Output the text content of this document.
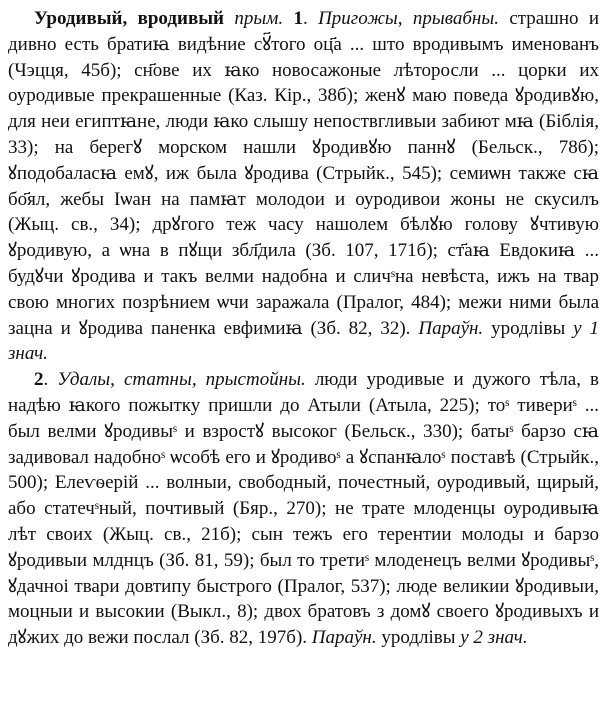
Уродивый, вродивый прым. 1. Пригожы, прывабны. страшно и дивно есть братиꙗ видѣние сꙋ҃того оц҃а ... што вродивымъ именованъ (Чэцця, 45б); сн҃ове их ꙗко новосажоные лѣторосли ... цорки их оуродивые прекрашенные (Каз. Кір., 38б); женꙋ маю поведа ꙋродивꙋю, для неи египтꙗне, люди ꙗко слышу непоствгливыи забиют мꙗ (Біблія, 33); на берегꙋ морском нашли ꙋродивꙋю паннꙋ (Бельск., 78б); ꙋподобаласꙗ емꙋ, иж была ꙋродива (Стрыйк., 545); семиѡн также сꙗ бо҃ял, жебы Іѡан на памꙗт молодои и оуродивои жоны не скусилъ (Жыц. св., 34); дрꙋгого теж часу нашолем бѣлꙋю голову ꙋчтивую ꙋродивую, а ѡна в пꙋщи збл҃дила (Зб. 107, 171б); ст҃аꙗ Евдокиꙗ ... будꙋчи ꙋродива и такъ велми надобна и сличˢна невѣста, ижъ на твар свою многих позрѣнием ѡчи заражала (Пралог, 484); межи ними была зацна и ꙋродива паненка евфимиꙗ (Зб. 82, 32). Параўн. уродлівы у 1 знач.

2. Удалы, статны, прыстойны. люди уродивые и дужого тѣла, в надѣю ꙗкого пожытку пришли до Атыли (Атыла, 225); тоˢ тивериˢ ... был велми ꙋродивыˢ и взростꙋ высоког (Бельск., 330); батыˢ барзо сꙗ задивовал надобноˢ ѡсобѣ его и ꙋродивоˢ а ꙋспанꙗлоˢ поставѣ (Стрыйк., 500); Елеѵѳерій ... волныи, свободный, почестный, оуродивый, щирый, або статечˢный, почтивый (Бяр., 270); не трате млоденцы оуродивыꙗ лѣт своих (Жыц. св., 21б); сын тежъ его терентии молоды и барзо ꙋродивыи млднцъ (Зб. 81, 59); был то третиˢ млоденецъ велми ꙋродивыˢ, ꙋдачноі твари довтипу быстрого (Пралог, 537); люде великии ꙋродивыи, моцныи и высокии (Выкл., 8); двох братовъ з домꙋ своего ꙋродивыхъ и дꙋжих до вежи послал (Зб. 82, 197б). Параўн. уродлівы у 2 знач.
